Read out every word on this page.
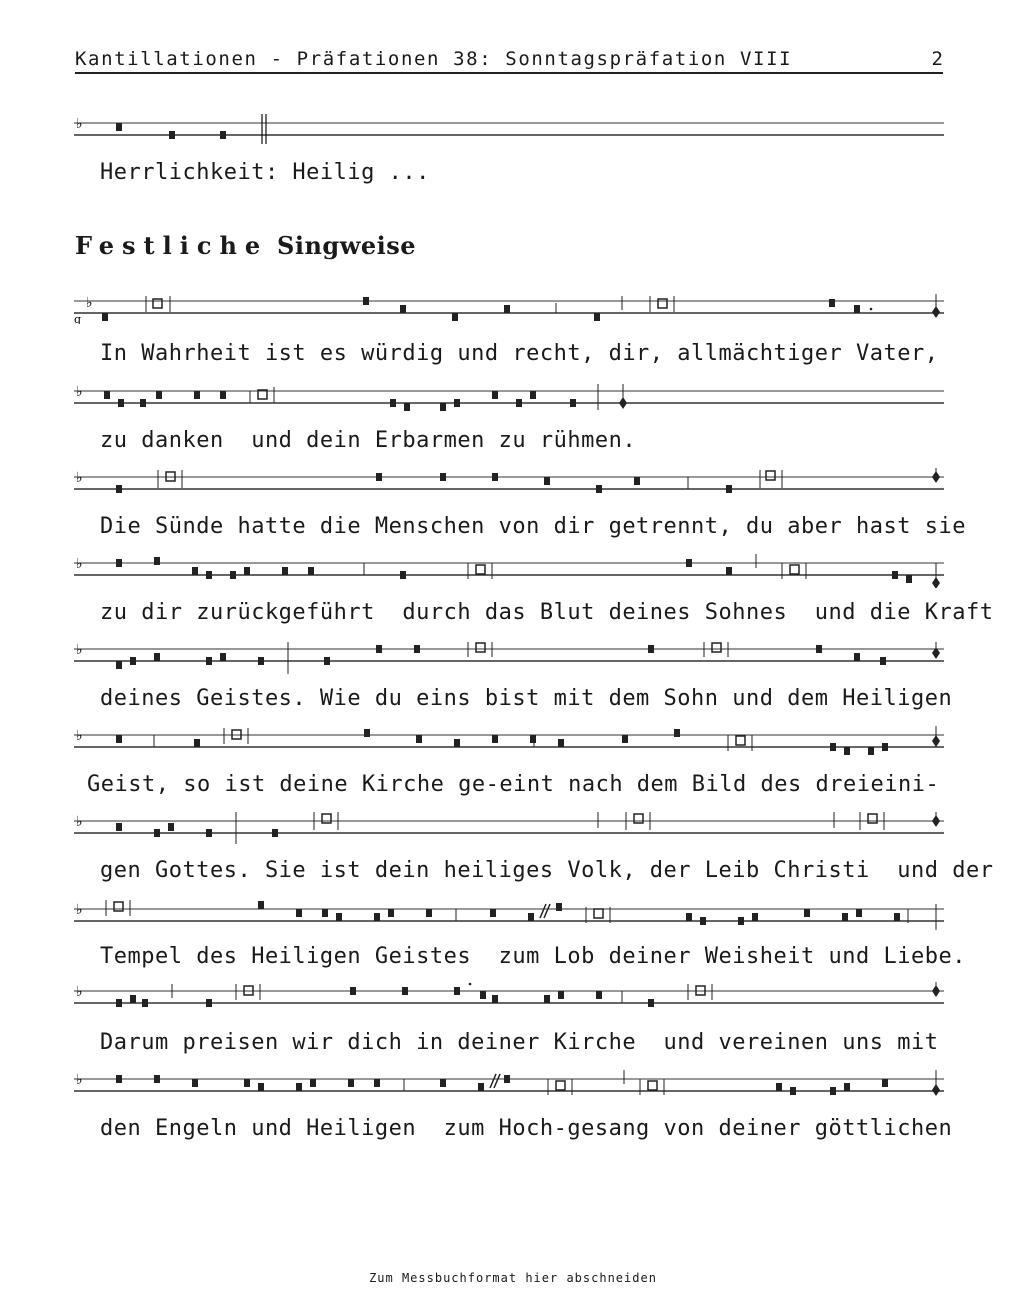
Kantillationen - Präfationen 38: Sonntagspräfation VIII	2
♭
Herrlichkeit: Heilig ...
Festliche Singweise
♭
g
In Wahrheit ist es würdig und recht, dir, allmächtiger Vater,
♭
zu danken  und dein Erbarmen zu rühmen.
♭
Die Sünde hatte die Menschen von dir getrennt, du aber hast sie
♭
zu dir zurückgeführt  durch das Blut deines Sohnes  und die Kraft
♭
deines Geistes. Wie du eins bist mit dem Sohn und dem Heiligen
♭
Geist, so ist deine Kirche ge-eint nach dem Bild des dreieini-
♭
gen Gottes. Sie ist dein heiliges Volk, der Leib Christi  und der
♭
Tempel des Heiligen Geistes  zum Lob deiner Weisheit und Liebe.
♭
Darum preisen wir dich in deiner Kirche  und vereinen uns mit
♭
den Engeln und Heiligen  zum Hoch-gesang von deiner göttlichen
Zum Messbuchformat hier abschneiden
